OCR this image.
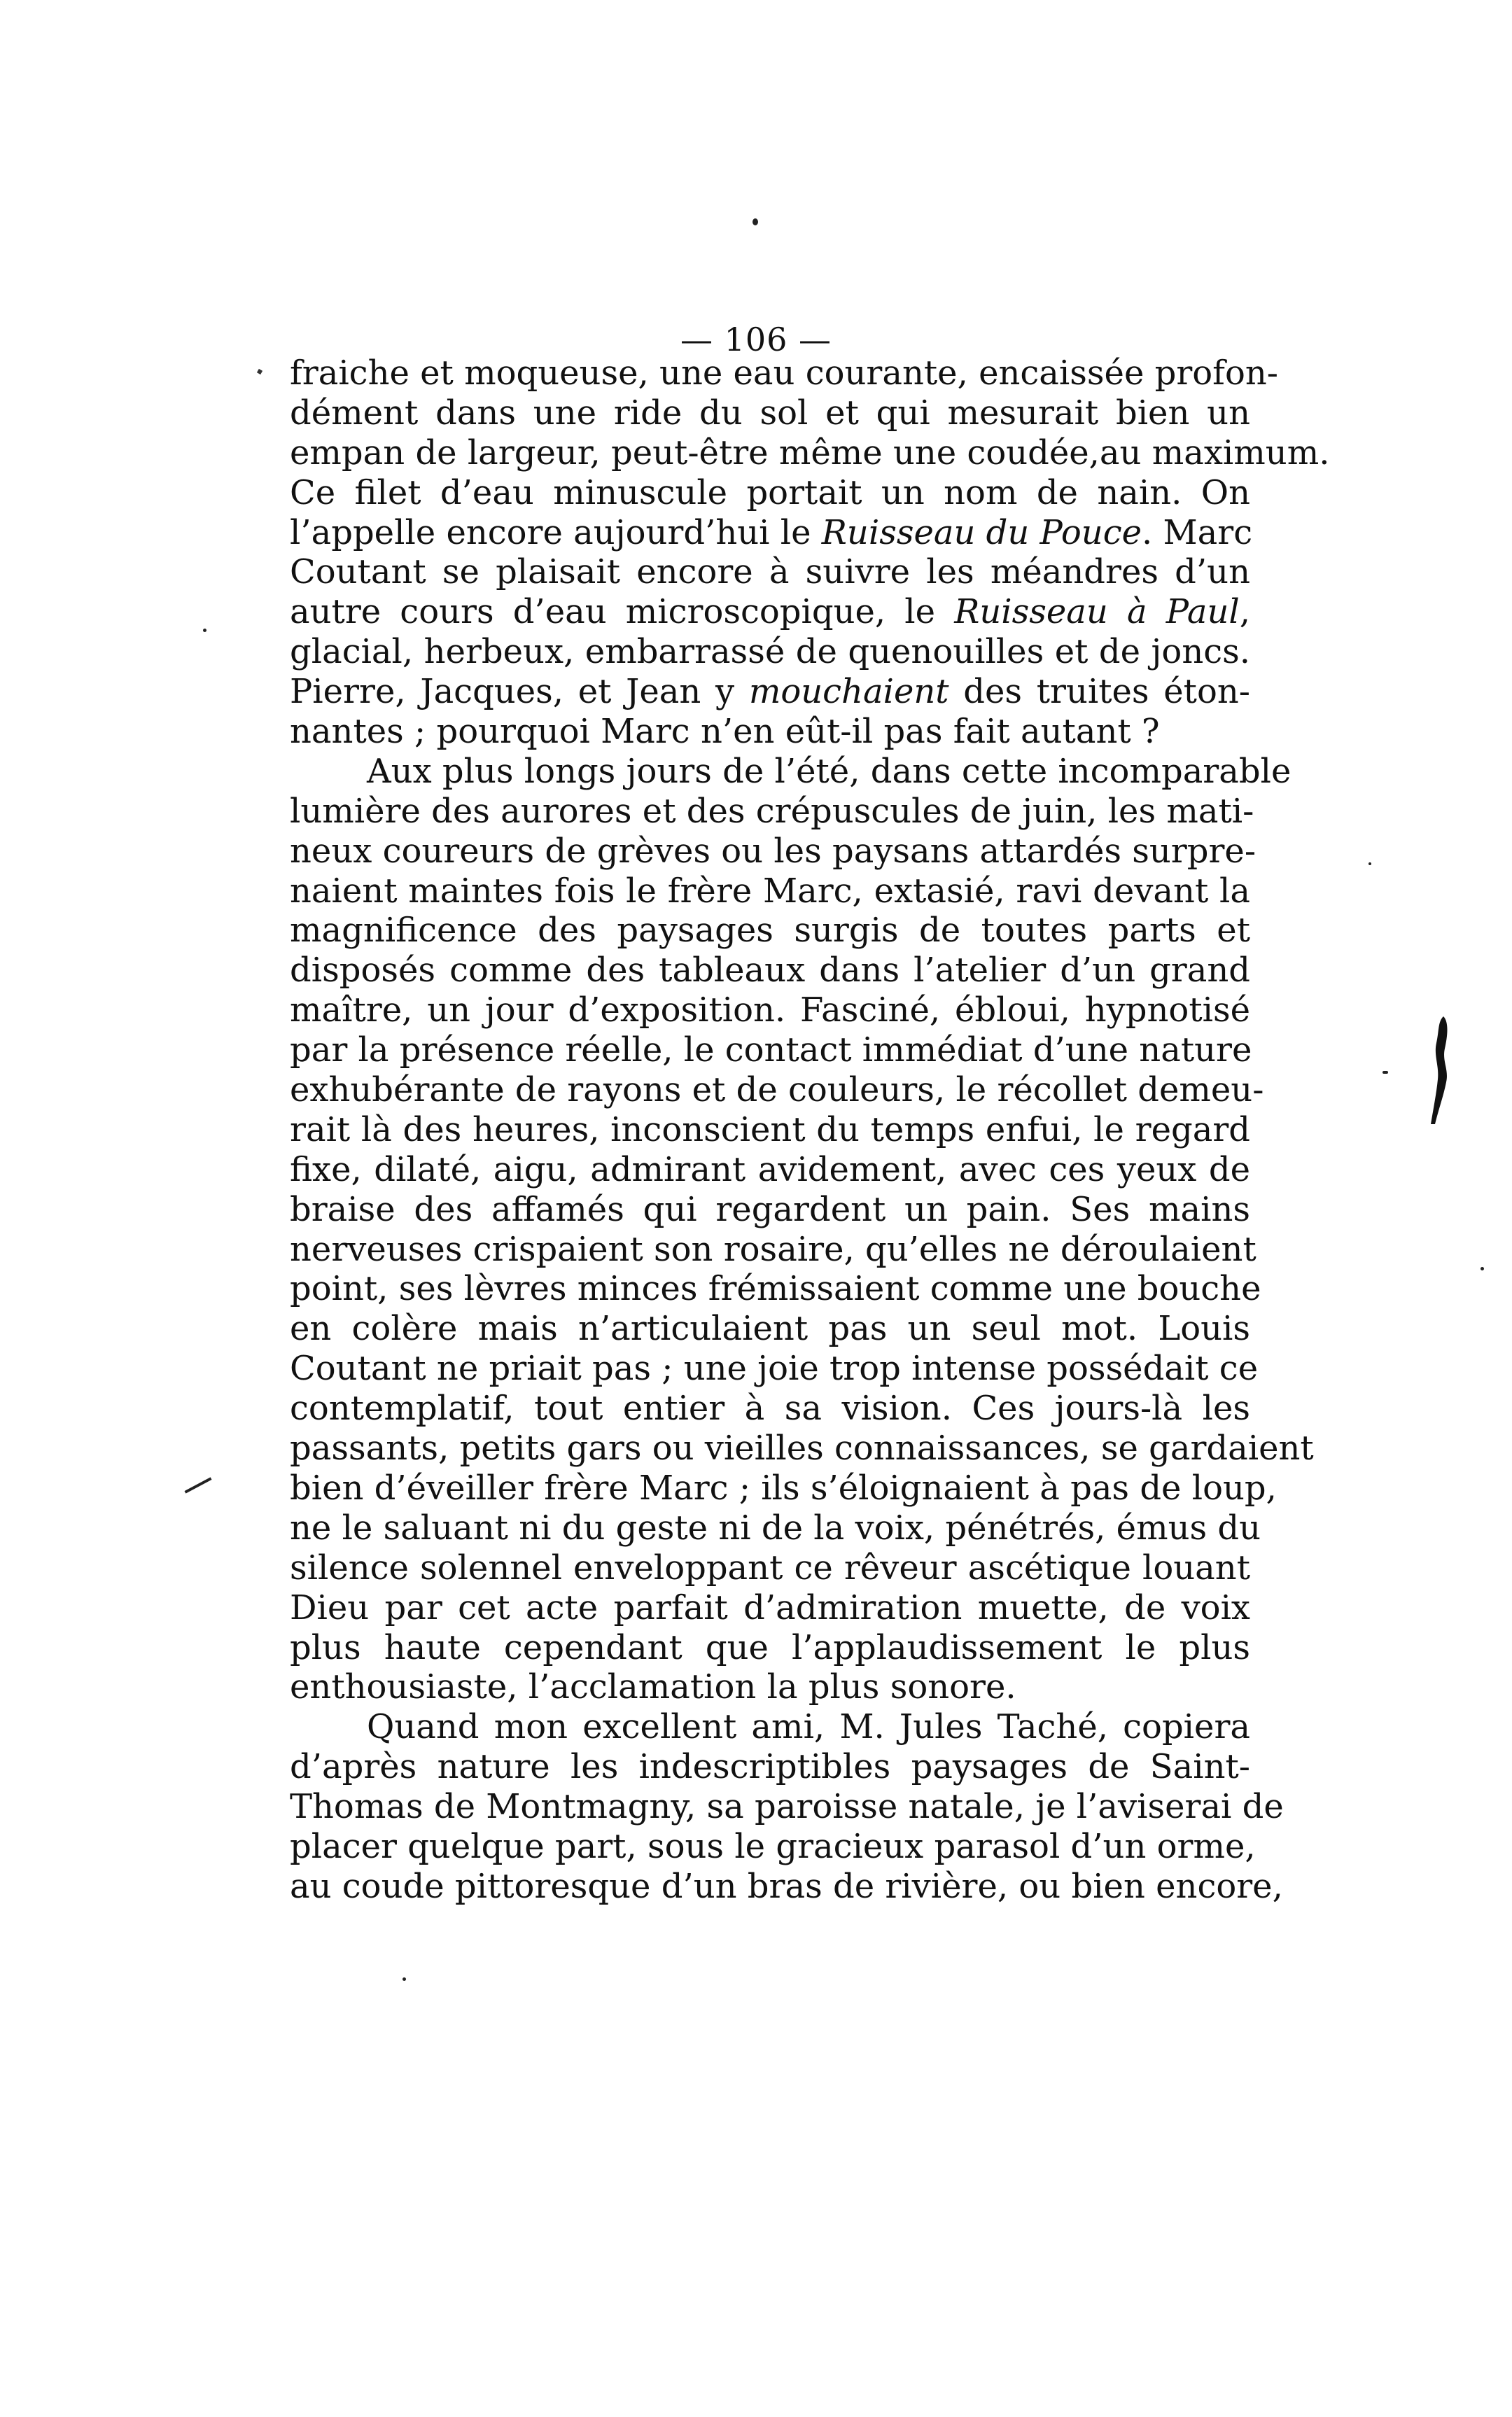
— 106 —
fraiche et moqueuse, une eau courante, encaissée profon-
dément dans une ride du sol et qui mesurait bien un
empan de largeur, peut-être même une coudée,au maximum.
Ce filet d’eau minuscule portait un nom de nain. On
l’appelle encore aujourd’hui le Ruisseau du Pouce. Marc
Coutant se plaisait encore à suivre les méandres d’un
autre cours d’eau microscopique, le Ruisseau à Paul,
glacial, herbeux, embarrassé de quenouilles et de joncs.
Pierre, Jacques, et Jean y mouchaient des truites éton-
nantes ; pourquoi Marc n’en eût-il pas fait autant ?
Aux plus longs jours de l’été, dans cette incomparable
lumière des aurores et des crépuscules de juin, les mati-
neux coureurs de grèves ou les paysans attardés surpre-
naient maintes fois le frère Marc, extasié, ravi devant la
magnificence des paysages surgis de toutes parts et
disposés comme des tableaux dans l’atelier d’un grand
maître, un jour d’exposition. Fasciné, ébloui, hypnotisé
par la présence réelle, le contact immédiat d’une nature
exhubérante de rayons et de couleurs, le récollet demeu-
rait là des heures, inconscient du temps enfui, le regard
fixe, dilaté, aigu, admirant avidement, avec ces yeux de
braise des affamés qui regardent un pain. Ses mains
nerveuses crispaient son rosaire, qu’elles ne déroulaient
point, ses lèvres minces frémissaient comme une bouche
en colère mais n’articulaient pas un seul mot. Louis
Coutant ne priait pas ; une joie trop intense possédait ce
contemplatif, tout entier à sa vision. Ces jours-là les
passants, petits gars ou vieilles connaissances, se gardaient
bien d’éveiller frère Marc ; ils s’éloignaient à pas de loup,
ne le saluant ni du geste ni de la voix, pénétrés, émus du
silence solennel enveloppant ce rêveur ascétique louant
Dieu par cet acte parfait d’admiration muette, de voix
plus haute cependant que l’applaudissement le plus
enthousiaste, l’acclamation la plus sonore.
Quand mon excellent ami, M. Jules Taché, copiera
d’après nature les indescriptibles paysages de Saint-
Thomas de Montmagny, sa paroisse natale, je l’aviserai de
placer quelque part, sous le gracieux parasol d’un orme,
au coude pittoresque d’un bras de rivière, ou bien encore,
